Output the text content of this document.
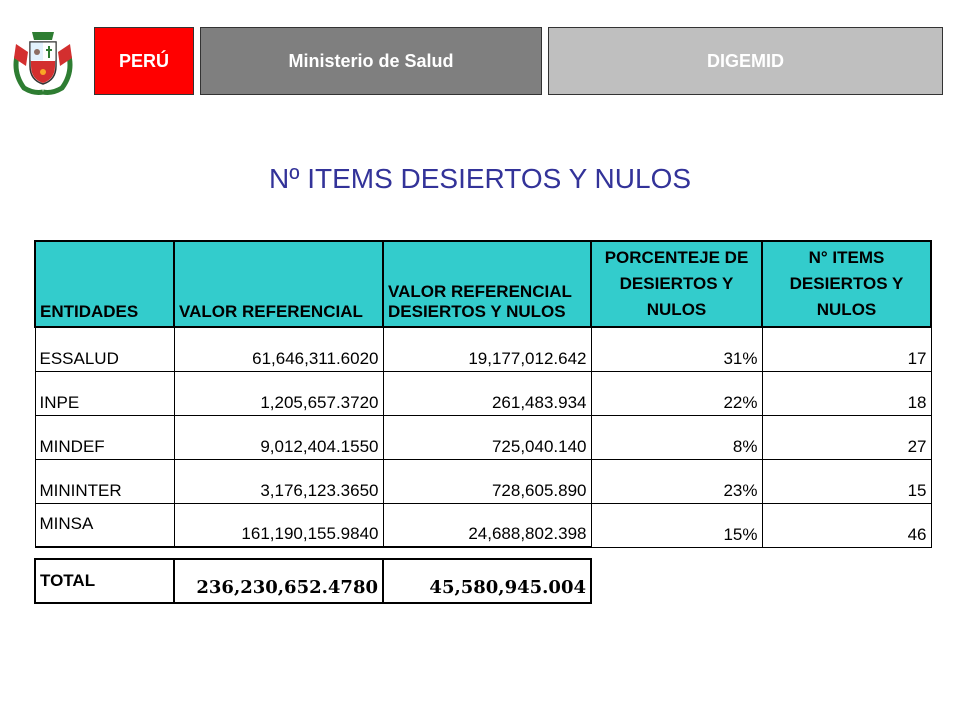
PERÚ	Ministerio de Salud	DIGEMID
Nº ITEMS DESIERTOS Y NULOS
ENTIDADES	VALOR REFERENCIAL	VALOR REFERENCIAL DESIERTOS Y NULOS	PORCENTEJE DE DESIERTOS Y NULOS	N° ITEMS DESIERTOS Y NULOS
ESSALUD	61,646,311.6020	19,177,012.642	31%	17
INPE	1,205,657.3720	261,483.934	22%	18
MINDEF	9,012,404.1550	725,040.140	8%	27
MININTER	3,176,123.3650	728,605.890	23%	15
MINSA	161,190,155.9840	24,688,802.398	15%	46

TOTAL	236,230,652.4780	45,580,945.004		
